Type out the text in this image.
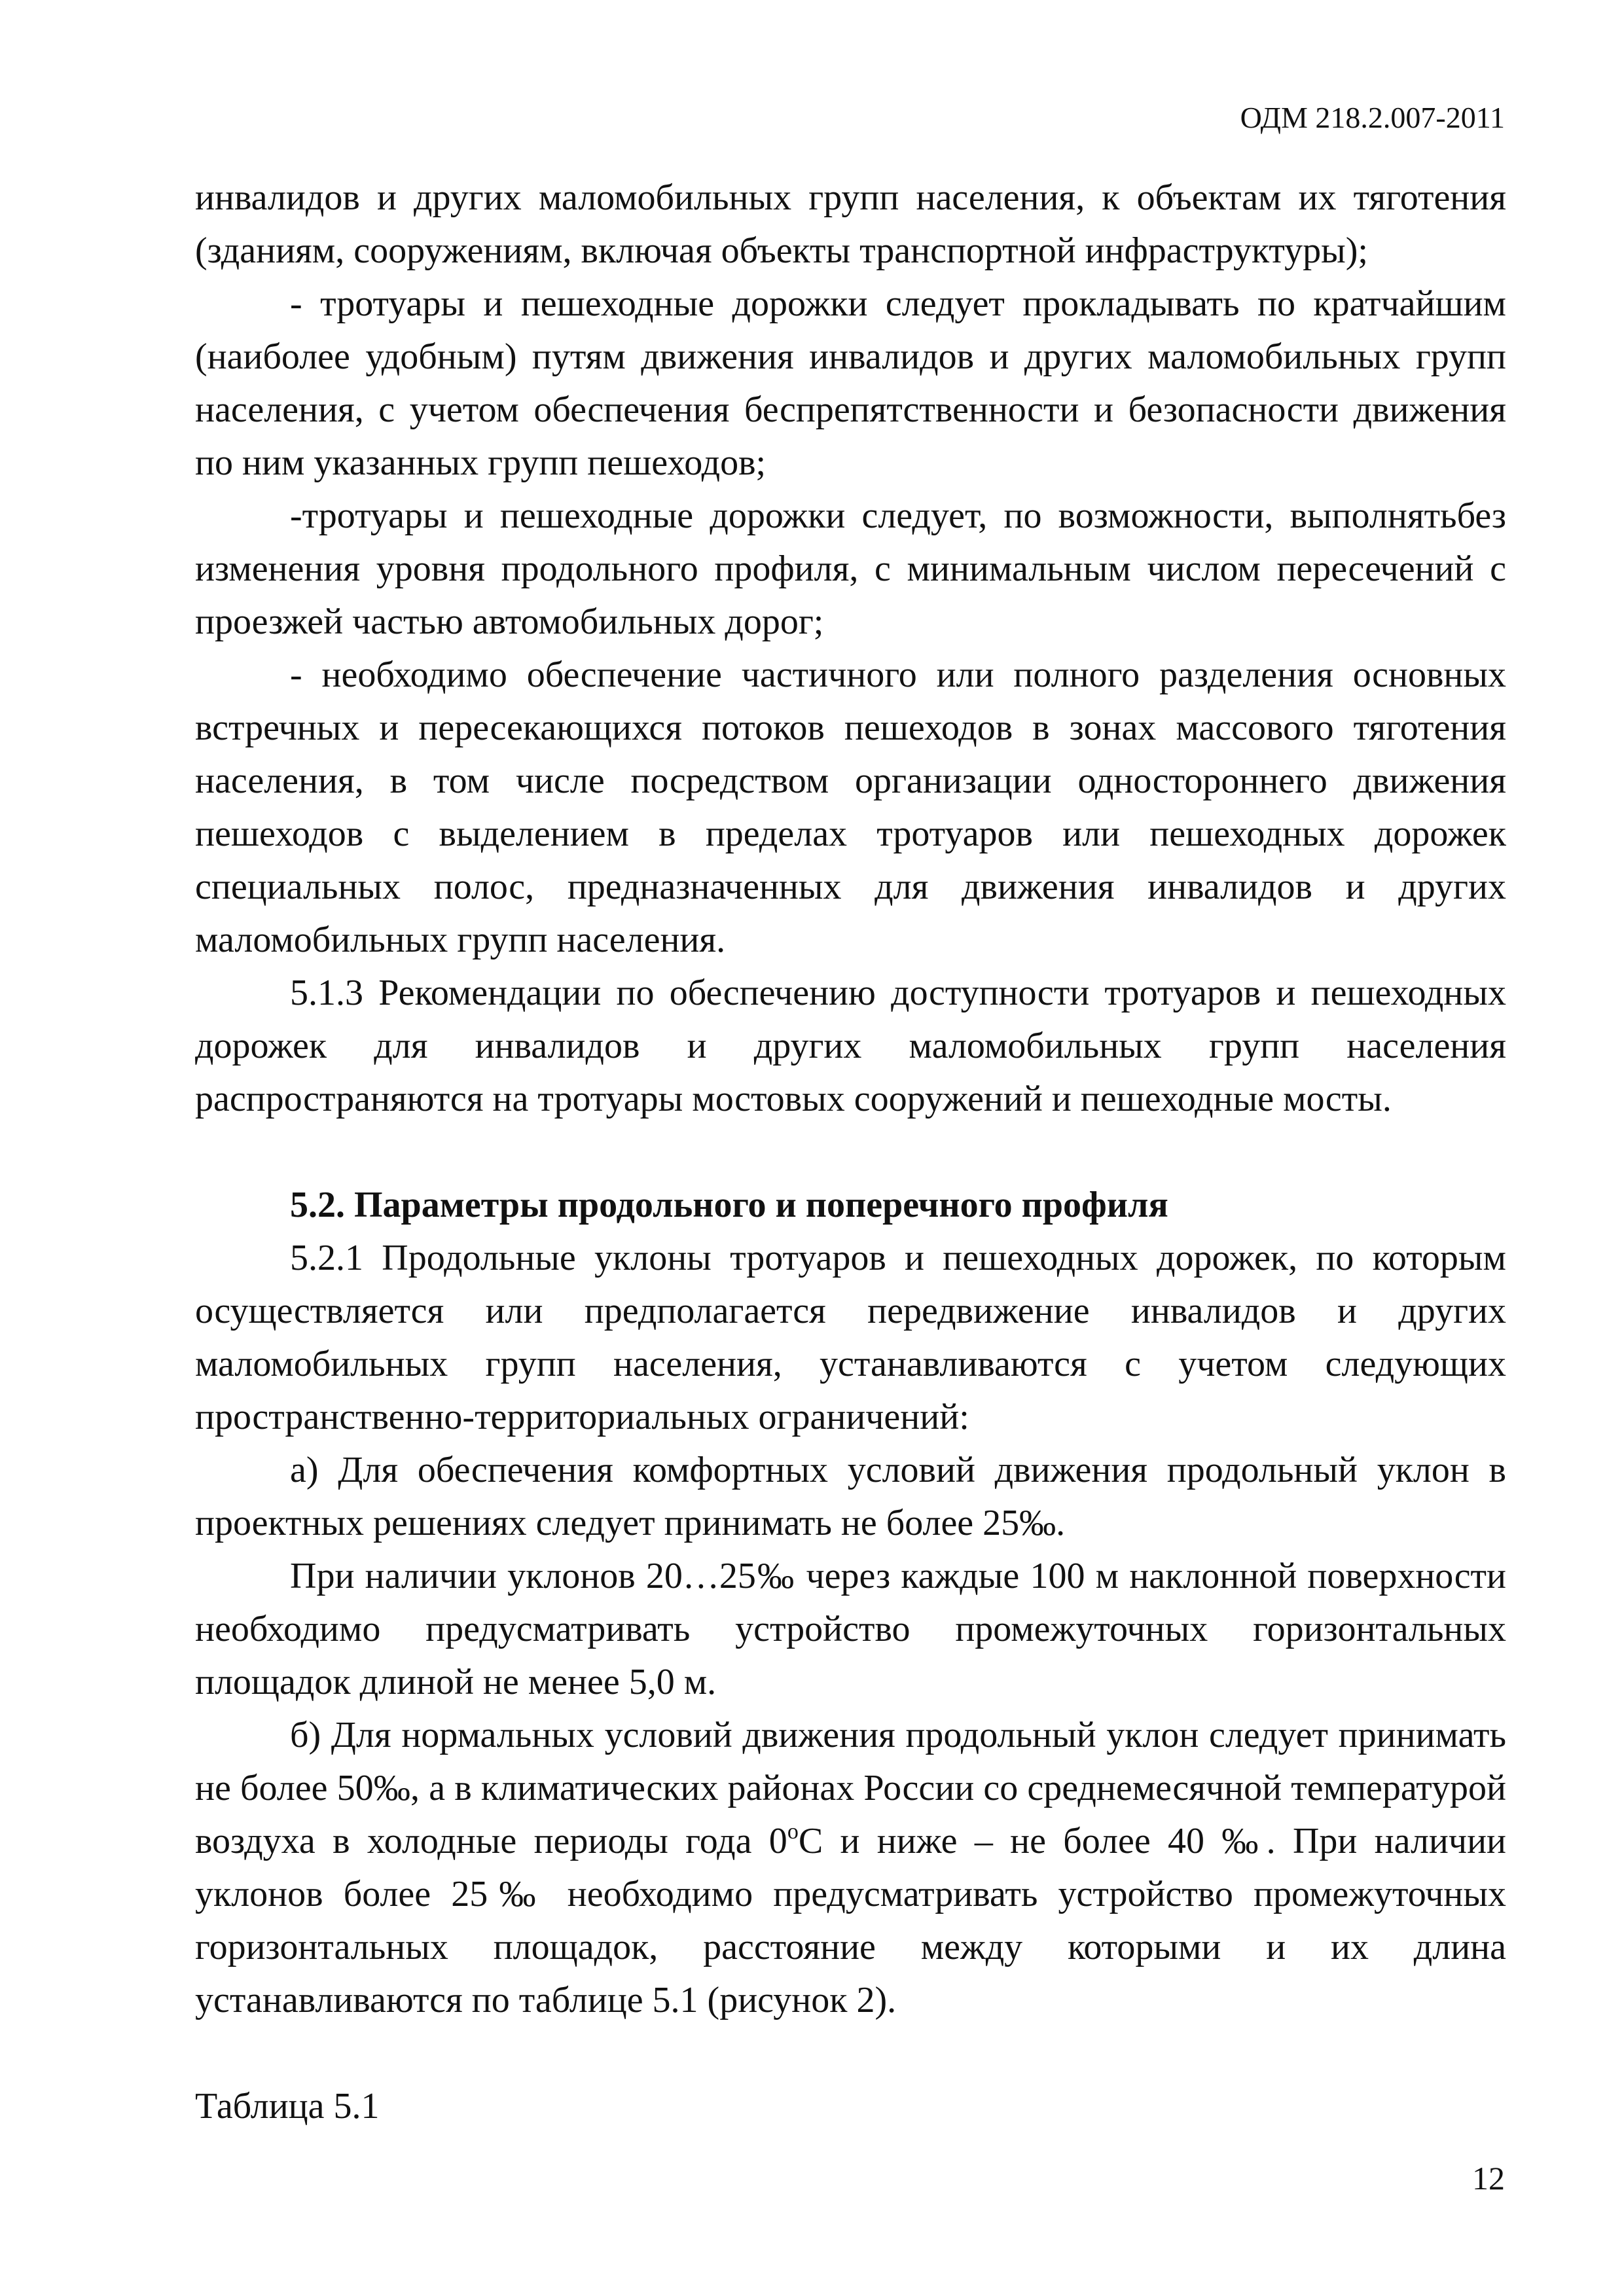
ОДМ 218.2.007-2011

инвалидов и других маломобильных групп населения, к объектам их тяготения (зданиям, сооружениям, включая объекты транспортной инфраструктуры);

- тротуары и пешеходные дорожки следует прокладывать по кратчайшим (наиболее удобным) путям движения инвалидов и других маломобильных групп населения, с учетом обеспечения беспрепятственности и безопасности движения по ним указанных групп пешеходов;

-тротуары и пешеходные дорожки следует, по возможности, выполнятьбез изменения уровня продольного профиля, с минимальным числом пересечений с проезжей частью автомобильных дорог;

- необходимо обеспечение частичного или полного разделения основных встречных и пересекающихся потоков пешеходов в зонах массового тяготения населения, в том числе посредством организации одностороннего движения пешеходов с выделением в пределах тротуаров или пешеходных дорожек специальных полос, предназначенных для движения инвалидов и других маломобильных групп населения.

5.1.3 Рекомендации по обеспечению доступности тротуаров и пешеходных дорожек для инвалидов и других маломобильных групп населения распространяются на тротуары мостовых сооружений и пешеходные мосты.

5.2. Параметры продольного и поперечного профиля

5.2.1 Продольные уклоны тротуаров и пешеходных дорожек, по которым осуществляется или предполагается передвижение инвалидов и других маломобильных групп населения, устанавливаются с учетом следующих пространственно-территориальных ограничений:

а) Для обеспечения комфортных условий движения продольный уклон в проектных решениях следует принимать не более 25‰.

При наличии уклонов 20…25‰ через каждые 100 м наклонной поверхности необходимо предусматривать устройство промежуточных горизонтальных площадок длиной не менее 5,0 м.

б) Для нормальных условий движения продольный уклон следует принимать не более 50‰, а в климатических районах России со среднемесячной температурой воздуха в холодные периоды года $0^оС$ и ниже – не более 40 ‰. При наличии уклонов более 25‰ необходимо предусматривать устройство промежуточных горизонтальных площадок, расстояние между которыми и их длина устанавливаются по таблице 5.1 (рисунок 2).

Таблица 5.1

12
